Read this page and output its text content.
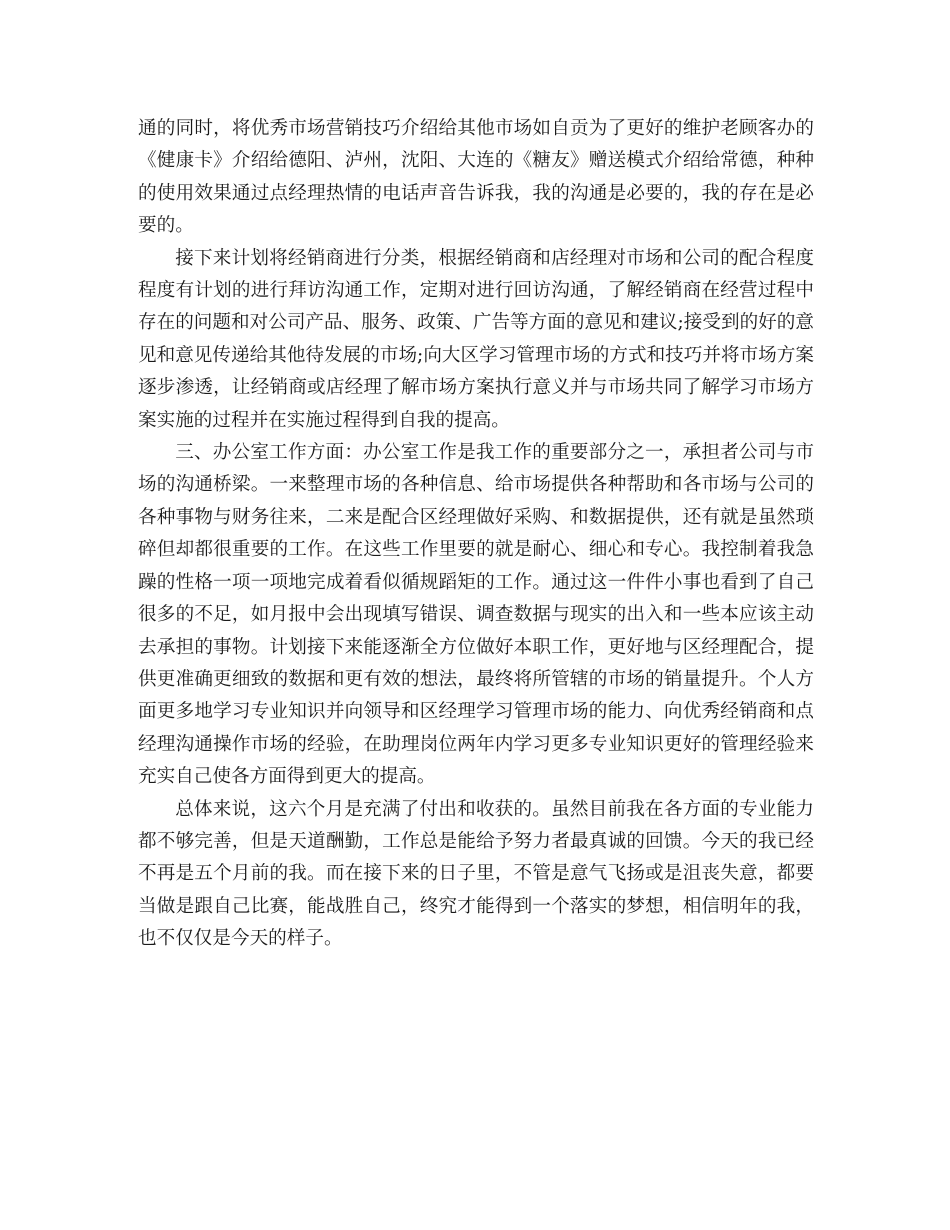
通的同时，将优秀市场营销技巧介绍给其他市场如自贡为了更好的维护老顾客办的《健康卡》介绍给德阳、泸州，沈阳、大连的《糖友》赠送模式介绍给常德，种种的使用效果通过点经理热情的电话声音告诉我，我的沟通是必要的，我的存在是必要的。

接下来计划将经销商进行分类，根据经销商和店经理对市场和公司的配合程度程度有计划的进行拜访沟通工作，定期对进行回访沟通，了解经销商在经营过程中存在的问题和对公司产品、服务、政策、广告等方面的意见和建议;接受到的好的意见和意见传递给其他待发展的市场;向大区学习管理市场的方式和技巧并将市场方案逐步渗透，让经销商或店经理了解市场方案执行意义并与市场共同了解学习市场方案实施的过程并在实施过程得到自我的提高。

三、办公室工作方面：办公室工作是我工作的重要部分之一，承担者公司与市场的沟通桥梁。一来整理市场的各种信息、给市场提供各种帮助和各市场与公司的各种事物与财务往来，二来是配合区经理做好采购、和数据提供，还有就是虽然琐碎但却都很重要的工作。在这些工作里要的就是耐心、细心和专心。我控制着我急躁的性格一项一项地完成着看似循规蹈矩的工作。通过这一件件小事也看到了自己很多的不足，如月报中会出现填写错误、调查数据与现实的出入和一些本应该主动去承担的事物。计划接下来能逐渐全方位做好本职工作，更好地与区经理配合，提供更准确更细致的数据和更有效的想法，最终将所管辖的市场的销量提升。个人方面更多地学习专业知识并向领导和区经理学习管理市场的能力、向优秀经销商和点经理沟通操作市场的经验，在助理岗位两年内学习更多专业知识更好的管理经验来充实自己使各方面得到更大的提高。

总体来说，这六个月是充满了付出和收获的。虽然目前我在各方面的专业能力都不够完善，但是天道酬勤，工作总是能给予努力者最真诚的回馈。今天的我已经不再是五个月前的我。而在接下来的日子里，不管是意气飞扬或是沮丧失意，都要当做是跟自己比赛，能战胜自己，终究才能得到一个落实的梦想，相信明年的我，也不仅仅是今天的样子。
